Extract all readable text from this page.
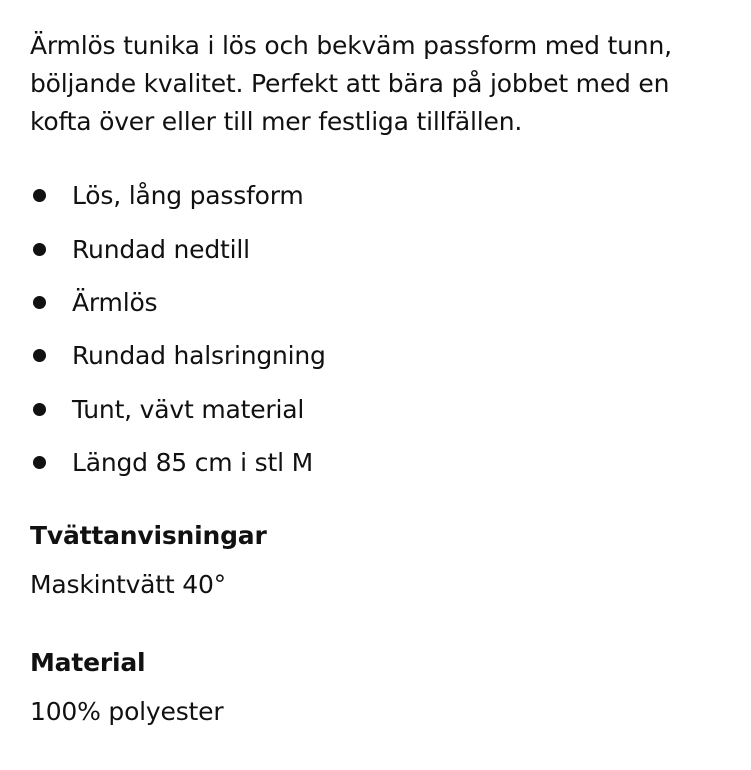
Ärmlös tunika i lös och bekväm passform med tunn,
böljande kvalitet. Perfekt att bära på jobbet med en
kofta över eller till mer festliga tillfällen.

Lös, lång passform
Rundad nedtill
Ärmlös
Rundad halsringning
Tunt, vävt material
Längd 85 cm i stl M
Tvättanvisningar

Maskintvätt 40°

Material

100% polyester
